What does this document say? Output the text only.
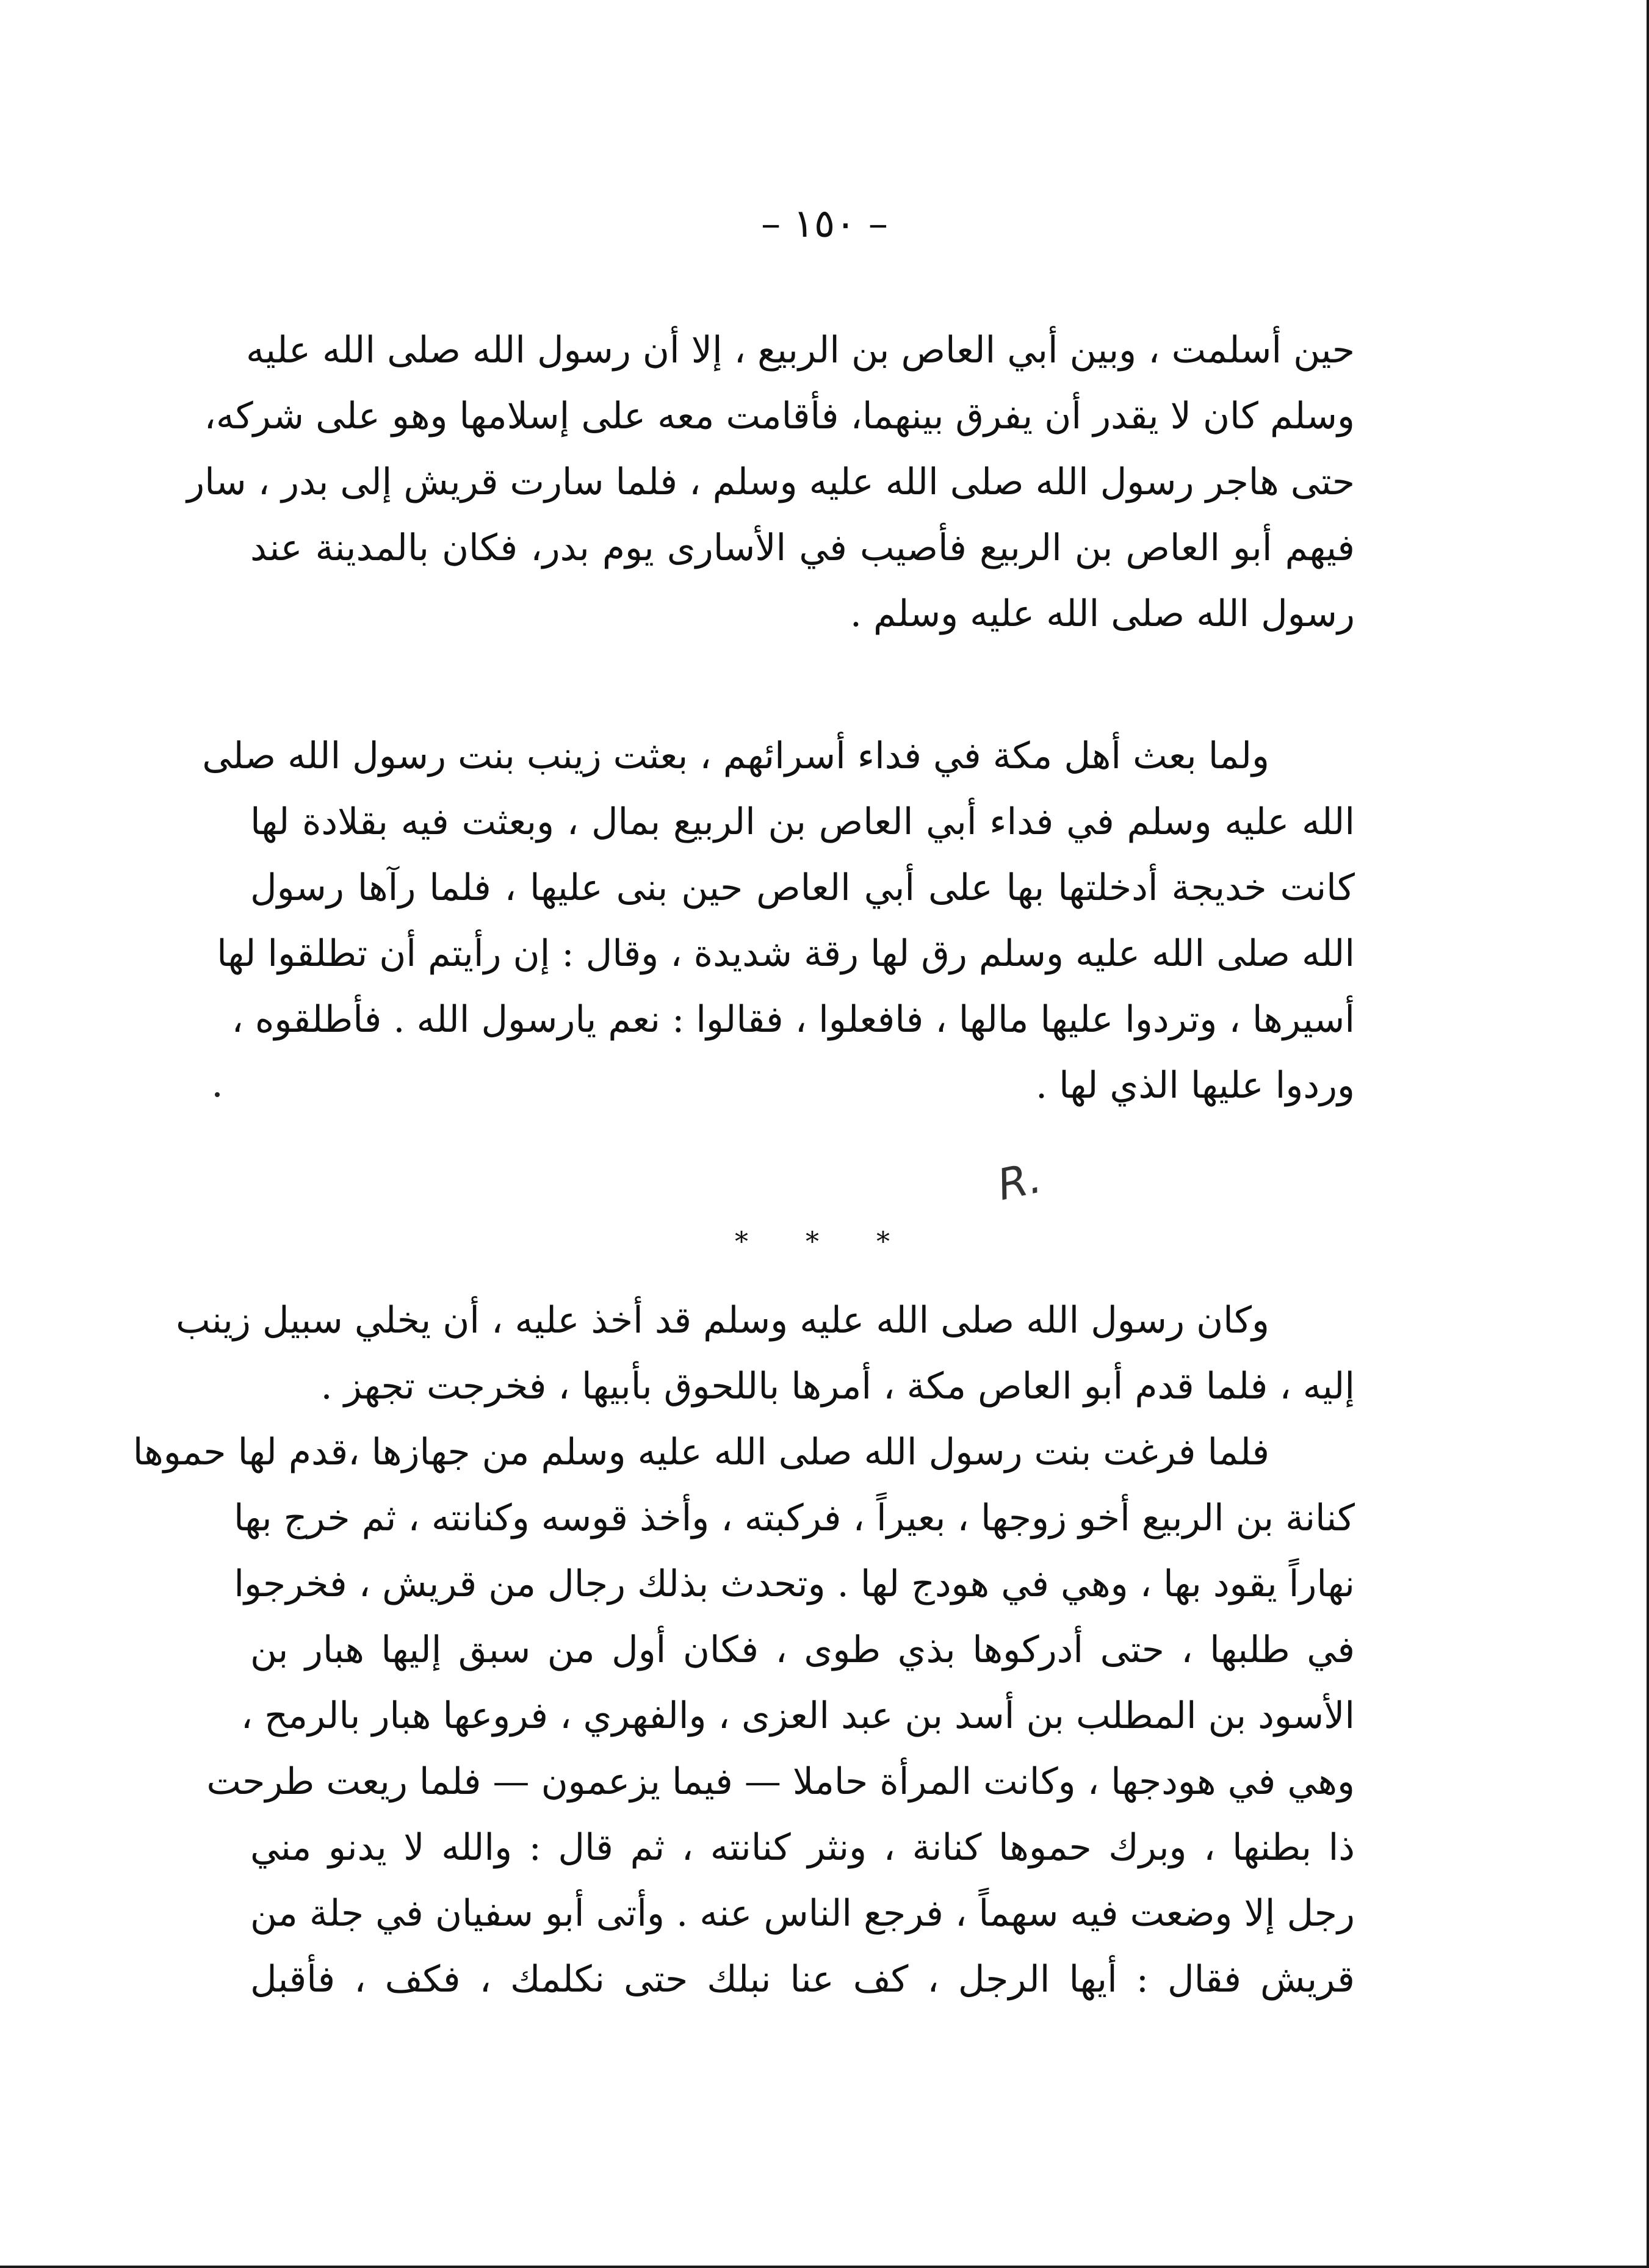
– ١٥٠ –
حين أسلمت ، وبين أبي العاص بن الربيع ، إلا أن رسول الله صلى الله عليه
وسلم كان لا يقدر أن يفرق بينهما، فأقامت معه على إسلامها وهو على شركه،
حتى هاجر رسول الله صلى الله عليه وسلم ، فلما سارت قريش إلى بدر ، سار
فيهم أبو العاص بن الربيع فأصيب في الأسارى يوم بدر، فكان بالمدينة عند
رسول الله صلى الله عليه وسلم .
ولما بعث أهل مكة في فداء أسرائهم ، بعثت زينب بنت رسول الله صلى
الله عليه وسلم في فداء أبي العاص بن الربيع بمال ، وبعثت فيه بقلادة لها
كانت خديجة أدخلتها بها على أبي العاص حين بنى عليها ، فلما رآها رسول
الله صلى الله عليه وسلم رق لها رقة شديدة ، وقال : إن رأيتم أن تطلقوا لها
أسيرها ، وتردوا عليها مالها ، فافعلوا ، فقالوا : نعم يارسول الله . فأطلقوه ،
وردوا عليها الذي لها .
R.
* * *
وكان رسول الله صلى الله عليه وسلم قد أخذ عليه ، أن يخلي سبيل زينب
إليه ، فلما قدم أبو العاص مكة ، أمرها باللحوق بأبيها ، فخرجت تجهز .
فلما فرغت بنت رسول الله صلى الله عليه وسلم من جهازها ،قدم لها حموها
كنانة بن الربيع أخو زوجها ، بعيراً ، فركبته ، وأخذ قوسه وكنانته ، ثم خرج بها
نهاراً يقود بها ، وهي في هودج لها . وتحدث بذلك رجال من قريش ، فخرجوا
في طلبها ، حتى أدركوها بذي طوى ، فكان أول من سبق إليها هبار بن
الأسود بن المطلب بن أسد بن عبد العزى ، والفهري ، فروعها هبار بالرمح ،
وهي في هودجها ، وكانت المرأة حاملا — فيما يزعمون — فلما ريعت طرحت
ذا بطنها ، وبرك حموها كنانة ، ونثر كنانته ، ثم قال : والله لا يدنو مني
رجل إلا وضعت فيه سهماً ، فرجع الناس عنه . وأتى أبو سفيان في جلة من
قريش فقال : أيها الرجل ، كف عنا نبلك حتى نكلمك ، فكف ، فأقبل
